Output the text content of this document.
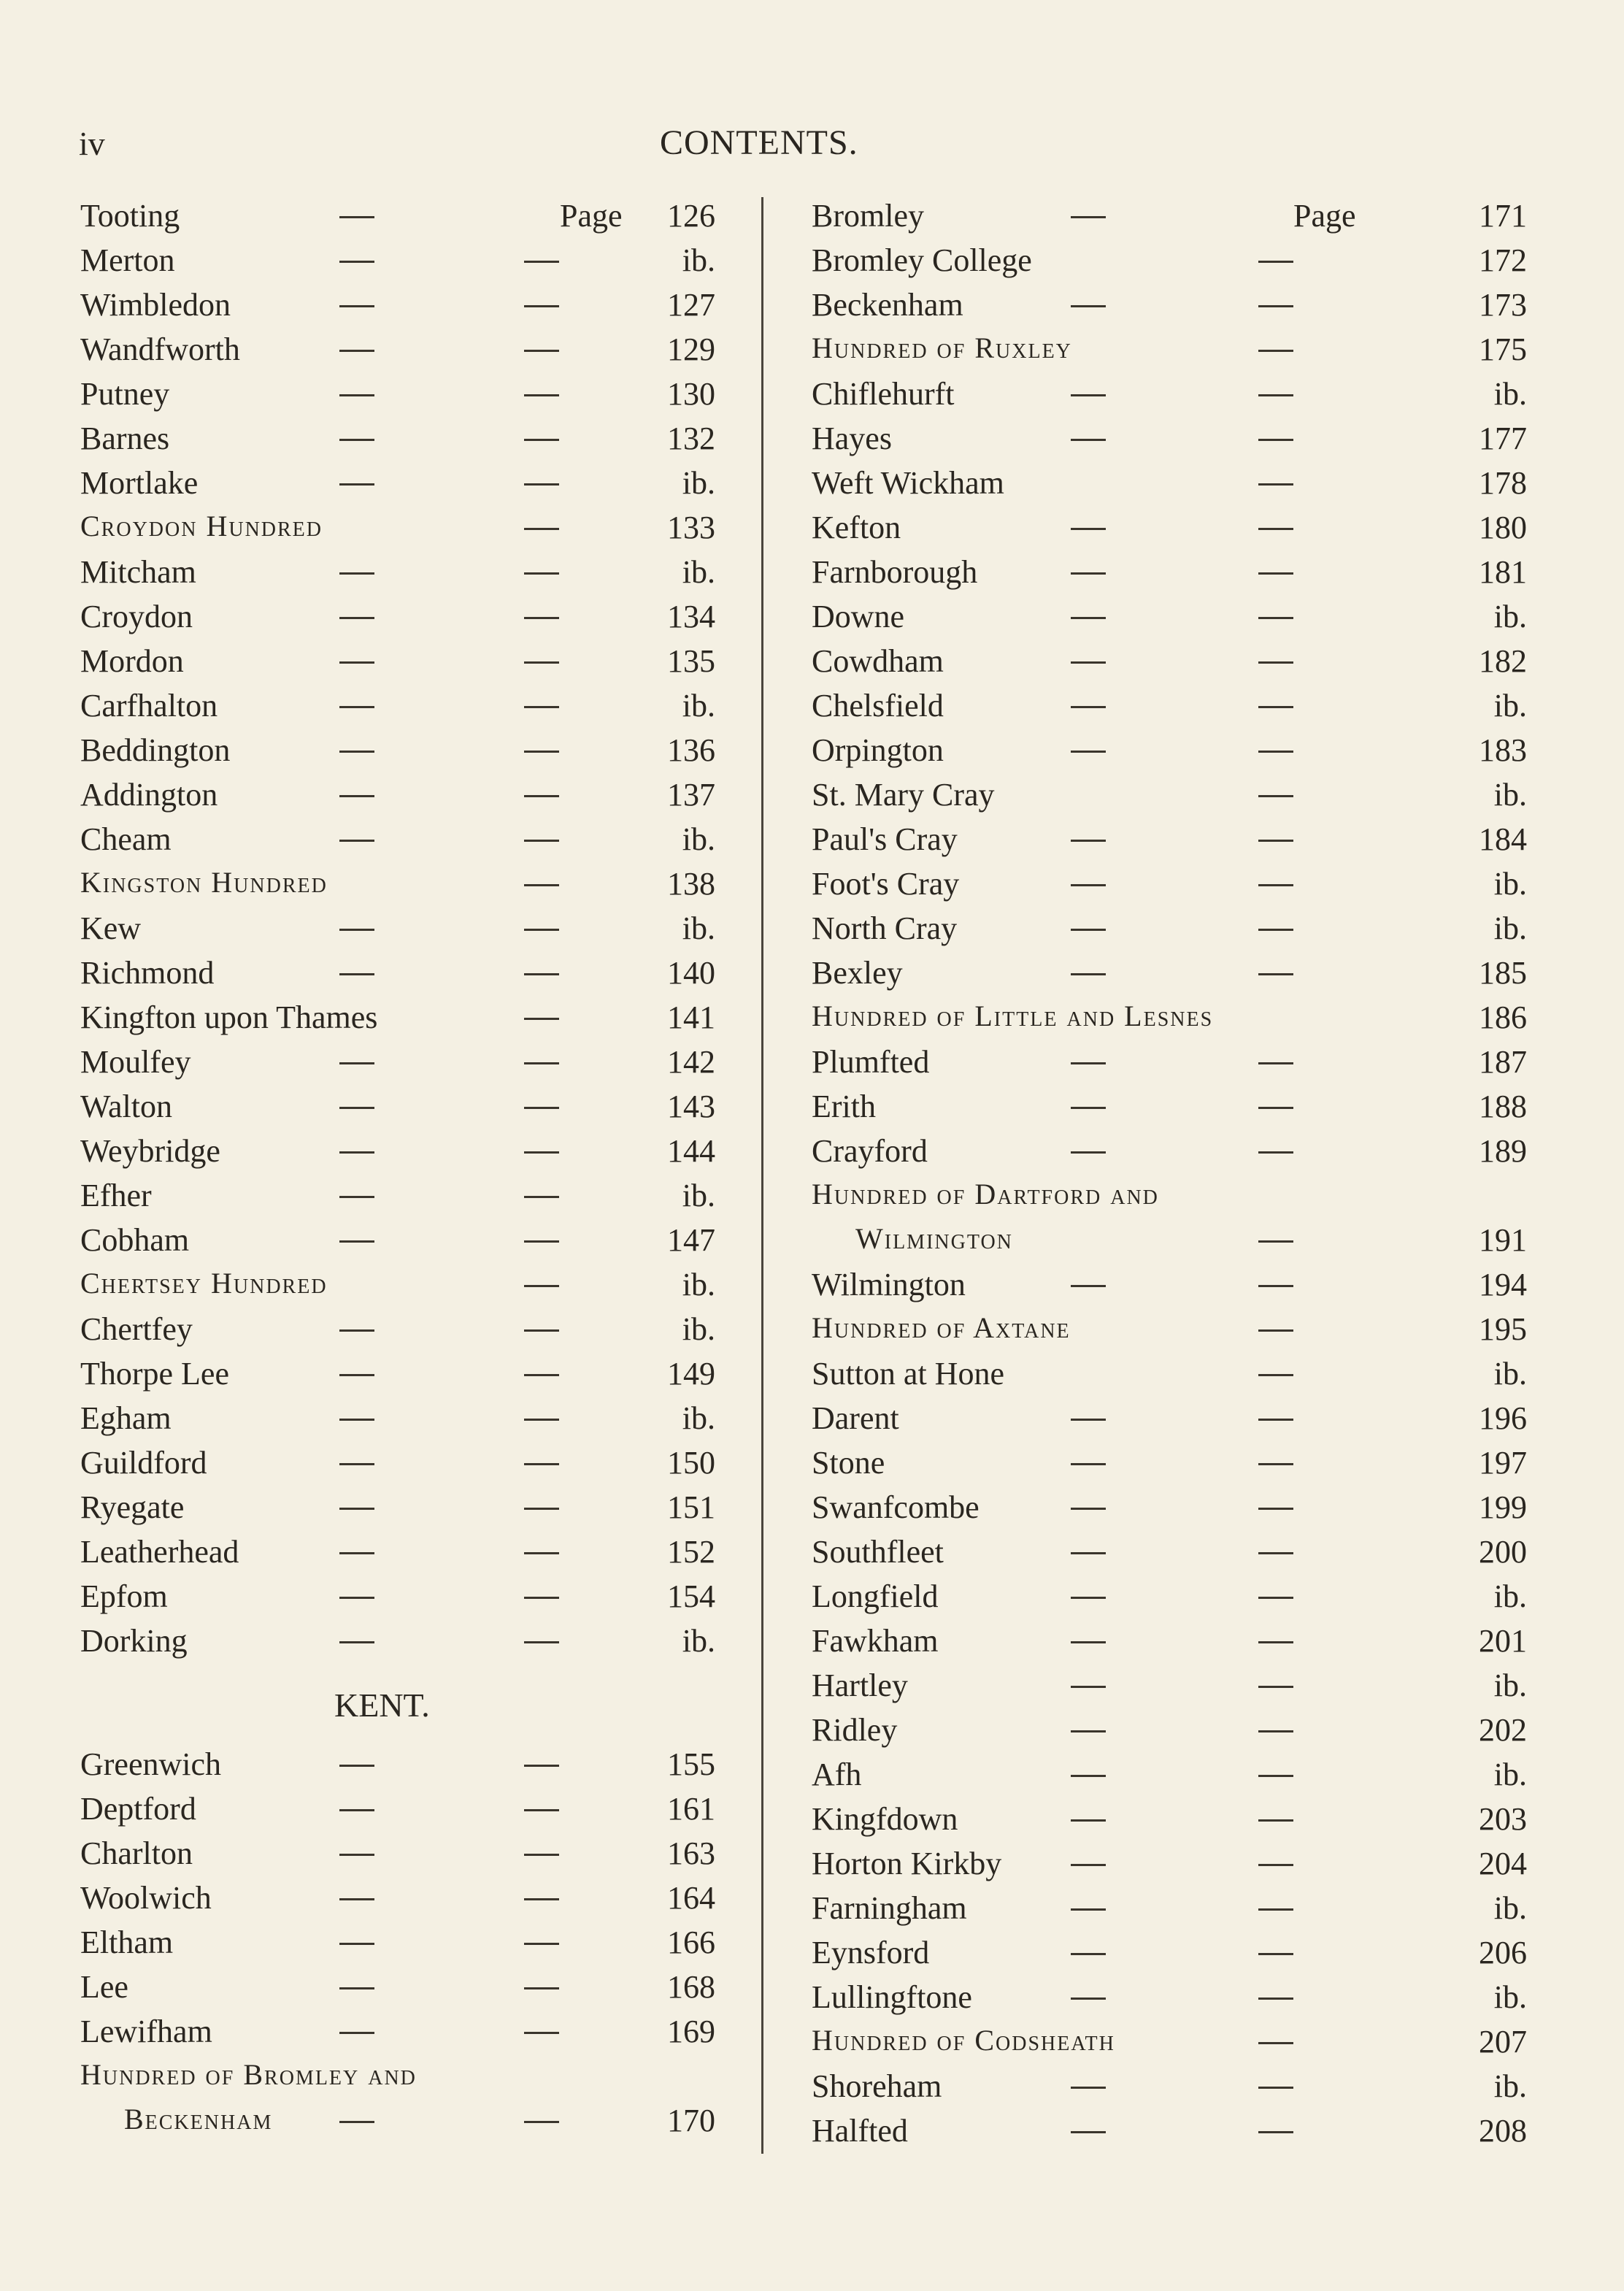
iv	CONTENTS.
Tooting	Page	126
Merton	ib.
Wimbledon	127
Wandfworth	129
Putney	130
Barnes	132
Mortlake	ib.
Croydon Hundred	133
Mitcham	ib.
Croydon	134
Mordon	135
Carfhalton	ib.
Beddington	136
Addington	137
Cheam	ib.
Kingston Hundred	138
Kew	ib.
Richmond	140
Kingfton upon Thames	141
Moulfey	142
Walton	143
Weybridge	144
Efher	ib.
Cobham	147
Chertsey Hundred	ib.
Chertfey	ib.
Thorpe Lee	149
Egham	ib.
Guildford	150
Ryegate	151
Leatherhead	152
Epfom	154
Dorking	ib.
KENT.
Greenwich	155
Deptford	161
Charlton	163
Woolwich	164
Eltham	166
Lee	168
Lewifham	169
Hundred of Bromley and
Beckenham	170
Bromley	Page	171
Bromley College	172
Beckenham	173
Hundred of Ruxley	175
Chiflehurft	ib.
Hayes	177
Weft Wickham	178
Kefton	180
Farnborough	181
Downe	ib.
Cowdham	182
Chelsfield	ib.
Orpington	183
St. Mary Cray	ib.
Paul's Cray	184
Foot's Cray	ib.
North Cray	ib.
Bexley	185
Hundred of Little and Lesnes	186
Plumfted	187
Erith	188
Crayford	189
Hundred of Dartford and
Wilmington	191
Wilmington	194
Hundred of Axtane	195
Sutton at Hone	ib.
Darent	196
Stone	197
Swanfcombe	199
Southfleet	200
Longfield	ib.
Fawkham	201
Hartley	ib.
Ridley	202
Afh	ib.
Kingfdown	203
Horton Kirkby	204
Farningham	ib.
Eynsford	206
Lullingftone	ib.
Hundred of Codsheath	207
Shoreham	ib.
Halfted	208
